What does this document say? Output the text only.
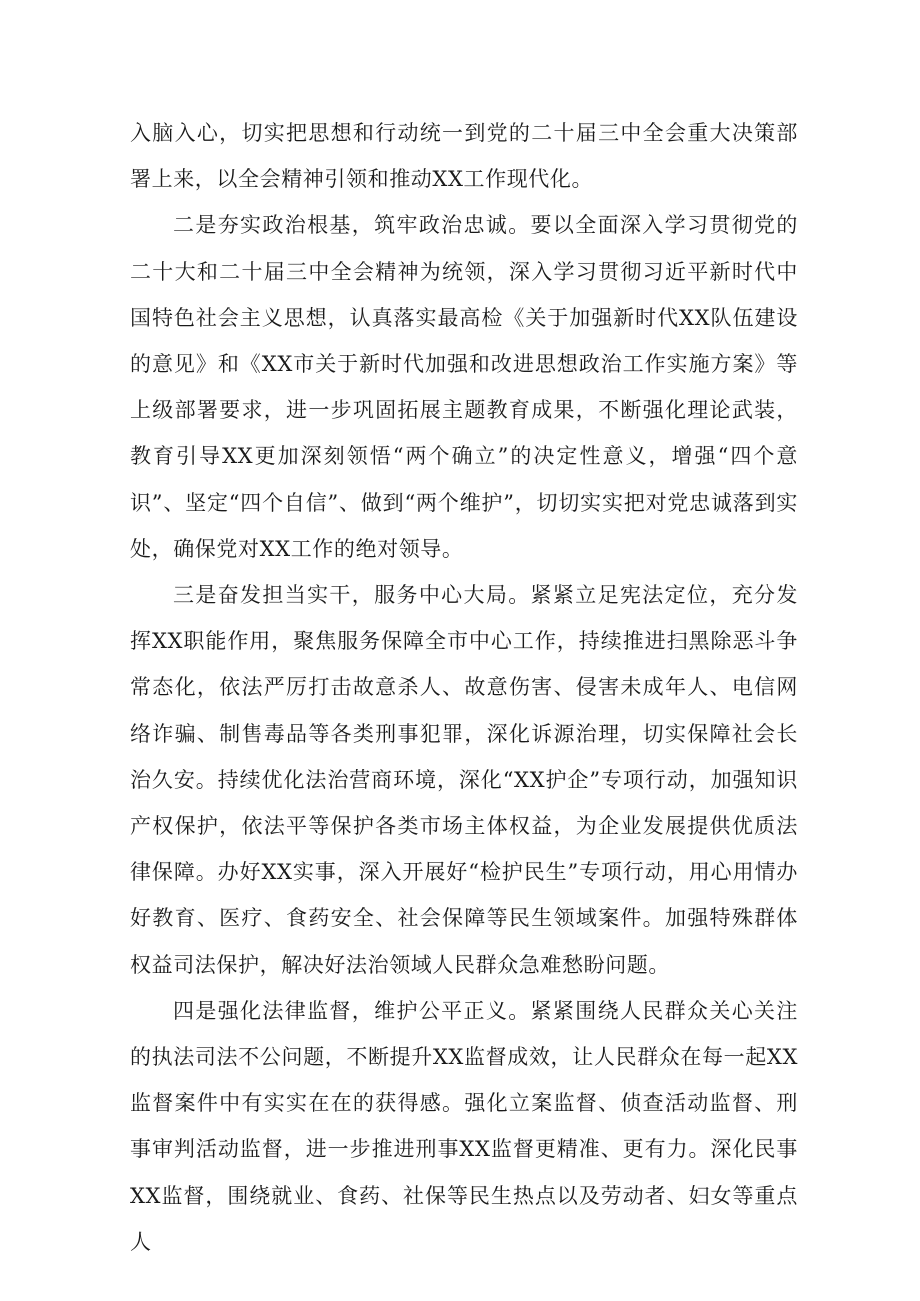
入脑入心，切实把思想和行动统一到党的二十届三中全会重大决策部署上来，以全会精神引领和推动XX工作现代化。

二是夯实政治根基，筑牢政治忠诚。要以全面深入学习贯彻党的二十大和二十届三中全会精神为统领，深入学习贯彻习近平新时代中国特色社会主义思想，认真落实最高检《关于加强新时代XX队伍建设的意见》和《XX市关于新时代加强和改进思想政治工作实施方案》等上级部署要求，进一步巩固拓展主题教育成果，不断强化理论武装，教育引导XX更加深刻领悟“两个确立”的决定性意义，增强“四个意识”、坚定“四个自信”、做到“两个维护”，切切实实把对党忠诚落到实处，确保党对XX工作的绝对领导。

三是奋发担当实干，服务中心大局。紧紧立足宪法定位，充分发挥XX职能作用，聚焦服务保障全市中心工作，持续推进扫黑除恶斗争常态化，依法严厉打击故意杀人、故意伤害、侵害未成年人、电信网络诈骗、制售毒品等各类刑事犯罪，深化诉源治理，切实保障社会长治久安。持续优化法治营商环境，深化“XX护企”专项行动，加强知识产权保护，依法平等保护各类市场主体权益，为企业发展提供优质法律保障。办好XX实事，深入开展好“检护民生”专项行动，用心用情办好教育、医疗、食药安全、社会保障等民生领域案件。加强特殊群体权益司法保护，解决好法治领域人民群众急难愁盼问题。

四是强化法律监督，维护公平正义。紧紧围绕人民群众关心关注的执法司法不公问题，不断提升XX监督成效，让人民群众在每一起XX监督案件中有实实在在的获得感。强化立案监督、侦查活动监督、刑事审判活动监督，进一步推进刑事XX监督更精准、更有力。深化民事XX监督，围绕就业、食药、社保等民生热点以及劳动者、妇女等重点人
